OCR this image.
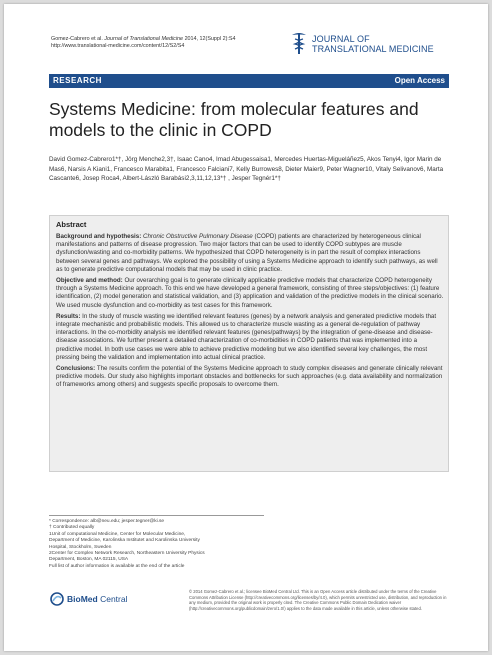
Gomez-Cabrero et al. Journal of Translational Medicine 2014, 12(Suppl 2):S4
http://www.translational-medicine.com/content/12/S2/S4
JOURNAL OF
TRANSLATIONAL MEDICINE
RESEARCH	Open Access
Systems Medicine: from molecular features and models to the clinic in COPD
David Gomez-Cabrero1*†, Jörg Menche2,3†, Isaac Cano4, Imad Abugessaisa1, Mercedes Huertas-Migueláñez5, Akos Tenyi4, Igor Marin de Mas6, Narsis A Kiani1, Francesco Marabita1, Francesco Falciani7, Kelly Burrowes8, Dieter Maier9, Peter Wagner10, Vitaly Selivanov6, Marta Cascante6, Josep Roca4, Albert-László Barabási2,3,11,12,13*† , Jesper Tegnér1*†
Abstract

Background and hypothesis: Chronic Obstructive Pulmonary Disease (COPD) patients are characterized by heterogeneous clinical manifestations and patterns of disease progression. Two major factors that can be used to identify COPD subtypes are muscle dysfunction/wasting and co-morbidity patterns. We hypothesized that COPD heterogeneity is in part the result of complex interactions between several genes and pathways. We explored the possibility of using a Systems Medicine approach to identify such pathways, as well as to generate predictive computational models that may be used in clinic practice.

Objective and method: Our overarching goal is to generate clinically applicable predictive models that characterize COPD heterogeneity through a Systems Medicine approach. To this end we have developed a general framework, consisting of three steps/objectives: (1) feature identification, (2) model generation and statistical validation, and (3) application and validation of the predictive models in the clinical scenario. We used muscle dysfunction and co-morbidity as test cases for this framework.

Results: In the study of muscle wasting we identified relevant features (genes) by a network analysis and generated predictive models that integrate mechanistic and probabilistic models. This allowed us to characterize muscle wasting as a general de-regulation of pathway interactions. In the co-morbidity analysis we identified relevant features (genes/pathways) by the integration of gene-disease and disease-disease associations. We further present a detailed characterization of co-morbidities in COPD patients that was implemented into a predictive model. In both use cases we were able to achieve predictive modeling but we also identified several key challenges, the most pressing being the validation and implementation into actual clinical practice.

Conclusions: The results confirm the potential of the Systems Medicine approach to study complex diseases and generate clinically relevant predictive models. Our study also highlights important obstacles and bottlenecks for such approaches (e.g. data availability and normalization of frameworks among others) and suggests specific proposals to overcome them.

* Correspondence: alb@neu.edu; jesper.tegner@ki.se
† Contributed equally
1Unit of computational Medicine, Center for Molecular Medicine,
Department of Medicine, Karolinska Institutet and Karolinska University
Hospital, Stockholm, Sweden
2Center for Complex Network Research, Northeastern University Physics
Department, Boston, MA 02115, USA
Full list of author information is available at the end of the article
BioMed Central
© 2014 Gomez-Cabrero et al.; licensee BioMed Central Ltd. This is an Open Access article distributed under the terms of the Creative Commons Attribution License (http://creativecommons.org/licenses/by/4.0), which permits unrestricted use, distribution, and reproduction in any medium, provided the original work is properly cited. The Creative Commons Public Domain Dedication waiver (http://creativecommons.org/publicdomain/zero/1.0/) applies to the data made available in this article, unless otherwise stated.
